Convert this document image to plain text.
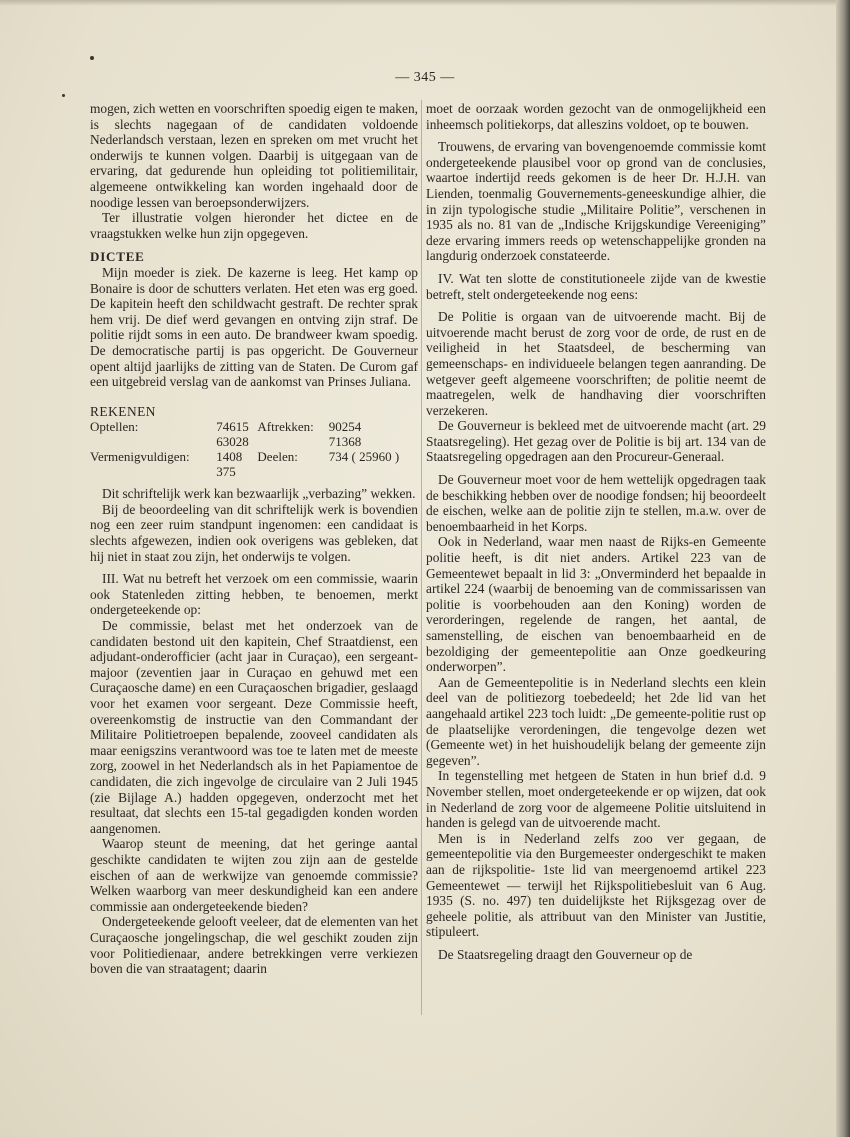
— 345 —

mogen, zich wetten en voorschriften spoedig eigen te maken, is slechts nagegaan of de candidaten voldoende Nederlandsch verstaan, lezen en spreken om met vrucht het onderwijs te kunnen volgen. Daarbij is uitgegaan van de ervaring, dat gedurende hun opleiding tot politiemilitair, algemeene ontwikkeling kan worden ingehaald door de noodige lessen van beroepsonderwijzers.

Ter illustratie volgen hieronder het dictee en de vraagstukken welke hun zijn opgegeven.

DICTEE

Mijn moeder is ziek. De kazerne is leeg. Het kamp op Bonaire is door de schutters verlaten. Het eten was erg goed. De kapitein heeft den schildwacht gestraft. De rechter sprak hem vrij. De dief werd gevangen en ontving zijn straf. De politie rijdt soms in een auto. De brandweer kwam spoedig. De democratische partij is pas opgericht. De Gouverneur opent altijd jaarlijks de zitting van de Staten. De Curom gaf een uitgebreid verslag van de aankomst van Prinses Juliana.

REKENEN

Optellen:	74615	Aftrekken:	90254
	63028		71368
Vermenigvuldigen:	1408	Deelen:	734 ( 25960 )
	375		

Dit schriftelijk werk kan bezwaarlijk „verbazing” wekken.

Bij de beoordeeling van dit schriftelijk werk is bovendien nog een zeer ruim standpunt ingenomen: een candidaat is slechts afgewezen, indien ook overigens was gebleken, dat hij niet in staat zou zijn, het onderwijs te volgen.

III. Wat nu betreft het verzoek om een commissie, waarin ook Statenleden zitting hebben, te benoemen, merkt ondergeteekende op:

De commissie, belast met het onderzoek van de candidaten bestond uit den kapitein, Chef Straatdienst, een adjudant-onderofficier (acht jaar in Curaçao), een sergeant-majoor (zeventien jaar in Curaçao en gehuwd met een Curaçaosche dame) en een Curaçaoschen brigadier, geslaagd voor het examen voor sergeant. Deze Commissie heeft, overeenkomstig de instructie van den Commandant der Militaire Politietroepen bepalende, zooveel candidaten als maar eenigszins verantwoord was toe te laten met de meeste zorg, zoowel in het Nederlandsch als in het Papiamentoe de candidaten, die zich ingevolge de circulaire van 2 Juli 1945 (zie Bijlage A.) hadden opgegeven, onderzocht met het resultaat, dat slechts een 15-tal gegadigden konden worden aangenomen.

Waarop steunt de meening, dat het geringe aantal geschikte candidaten te wijten zou zijn aan de gestelde eischen of aan de werkwijze van genoemde commissie? Welken waarborg van meer deskundigheid kan een andere commissie aan ondergeteekende bieden?

Ondergeteekende gelooft veeleer, dat de elementen van het Curaçaosche jongelingschap, die wel geschikt zouden zijn voor Politiedienaar, andere betrekkingen verre verkiezen boven die van straatagent; daarin

moet de oorzaak worden gezocht van de onmogelijkheid een inheemsch politiekorps, dat alleszins voldoet, op te bouwen.

Trouwens, de ervaring van bovengenoemde commissie komt ondergeteekende plausibel voor op grond van de conclusies, waartoe indertijd reeds gekomen is de heer Dr. H.J.H. van Lienden, toenmalig Gouvernements-geneeskundige alhier, die in zijn typologische studie „Militaire Politie”, verschenen in 1935 als no. 81 van de „Indische Krijgskundige Vereeniging” deze ervaring immers reeds op wetenschappelijke gronden na langdurig onderzoek constateerde.

IV. Wat ten slotte de constitutioneele zijde van de kwestie betreft, stelt ondergeteekende nog eens:

De Politie is orgaan van de uitvoerende macht. Bij de uitvoerende macht berust de zorg voor de orde, de rust en de veiligheid in het Staatsdeel, de bescherming van gemeenschaps- en individueele belangen tegen aanranding. De wetgever geeft algemeene voorschriften; de politie neemt de maatregelen, welk de handhaving dier voorschriften verzekeren.

De Gouverneur is bekleed met de uitvoerende macht (art. 29 Staatsregeling). Het gezag over de Politie is bij art. 134 van de Staatsregeling opgedragen aan den Procureur-Generaal.

De Gouverneur moet voor de hem wettelijk opgedragen taak de beschikking hebben over de noodige fondsen; hij beoordeelt de eischen, welke aan de politie zijn te stellen, m.a.w. over de benoembaarheid in het Korps.

Ook in Nederland, waar men naast de Rijks-en Gemeente politie heeft, is dit niet anders. Artikel 223 van de Gemeentewet bepaalt in lid 3: „Onverminderd het bepaalde in artikel 224 (waarbij de benoeming van de commissarissen van politie is voorbehouden aan den Koning) worden de verorderingen, regelende de rangen, het aantal, de samenstelling, de eischen van benoembaarheid en de bezoldiging der gemeentepolitie aan Onze goedkeuring onderworpen”.

Aan de Gemeentepolitie is in Nederland slechts een klein deel van de politiezorg toebedeeld; het 2de lid van het aangehaald artikel 223 toch luidt: „De gemeente-politie rust op de plaatselijke verordeningen, die tengevolge dezen wet (Gemeente wet) in het huishoudelijk belang der gemeente zijn gegeven”.

In tegenstelling met hetgeen de Staten in hun brief d.d. 9 November stellen, moet ondergeteekende er op wijzen, dat ook in Nederland de zorg voor de algemeene Politie uitsluitend in handen is gelegd van de uitvoerende macht.

Men is in Nederland zelfs zoo ver gegaan, de gemeentepolitie via den Burgemeester ondergeschikt te maken aan de rijkspolitie- 1ste lid van meergenoemd artikel 223 Gemeentewet — terwijl het Rijkspolitiebesluit van 6 Aug. 1935 (S. no. 497) ten duidelijkste het Rijksgezag over de geheele politie, als attribuut van den Minister van Justitie, stipuleert.

De Staatsregeling draagt den Gouverneur op de
